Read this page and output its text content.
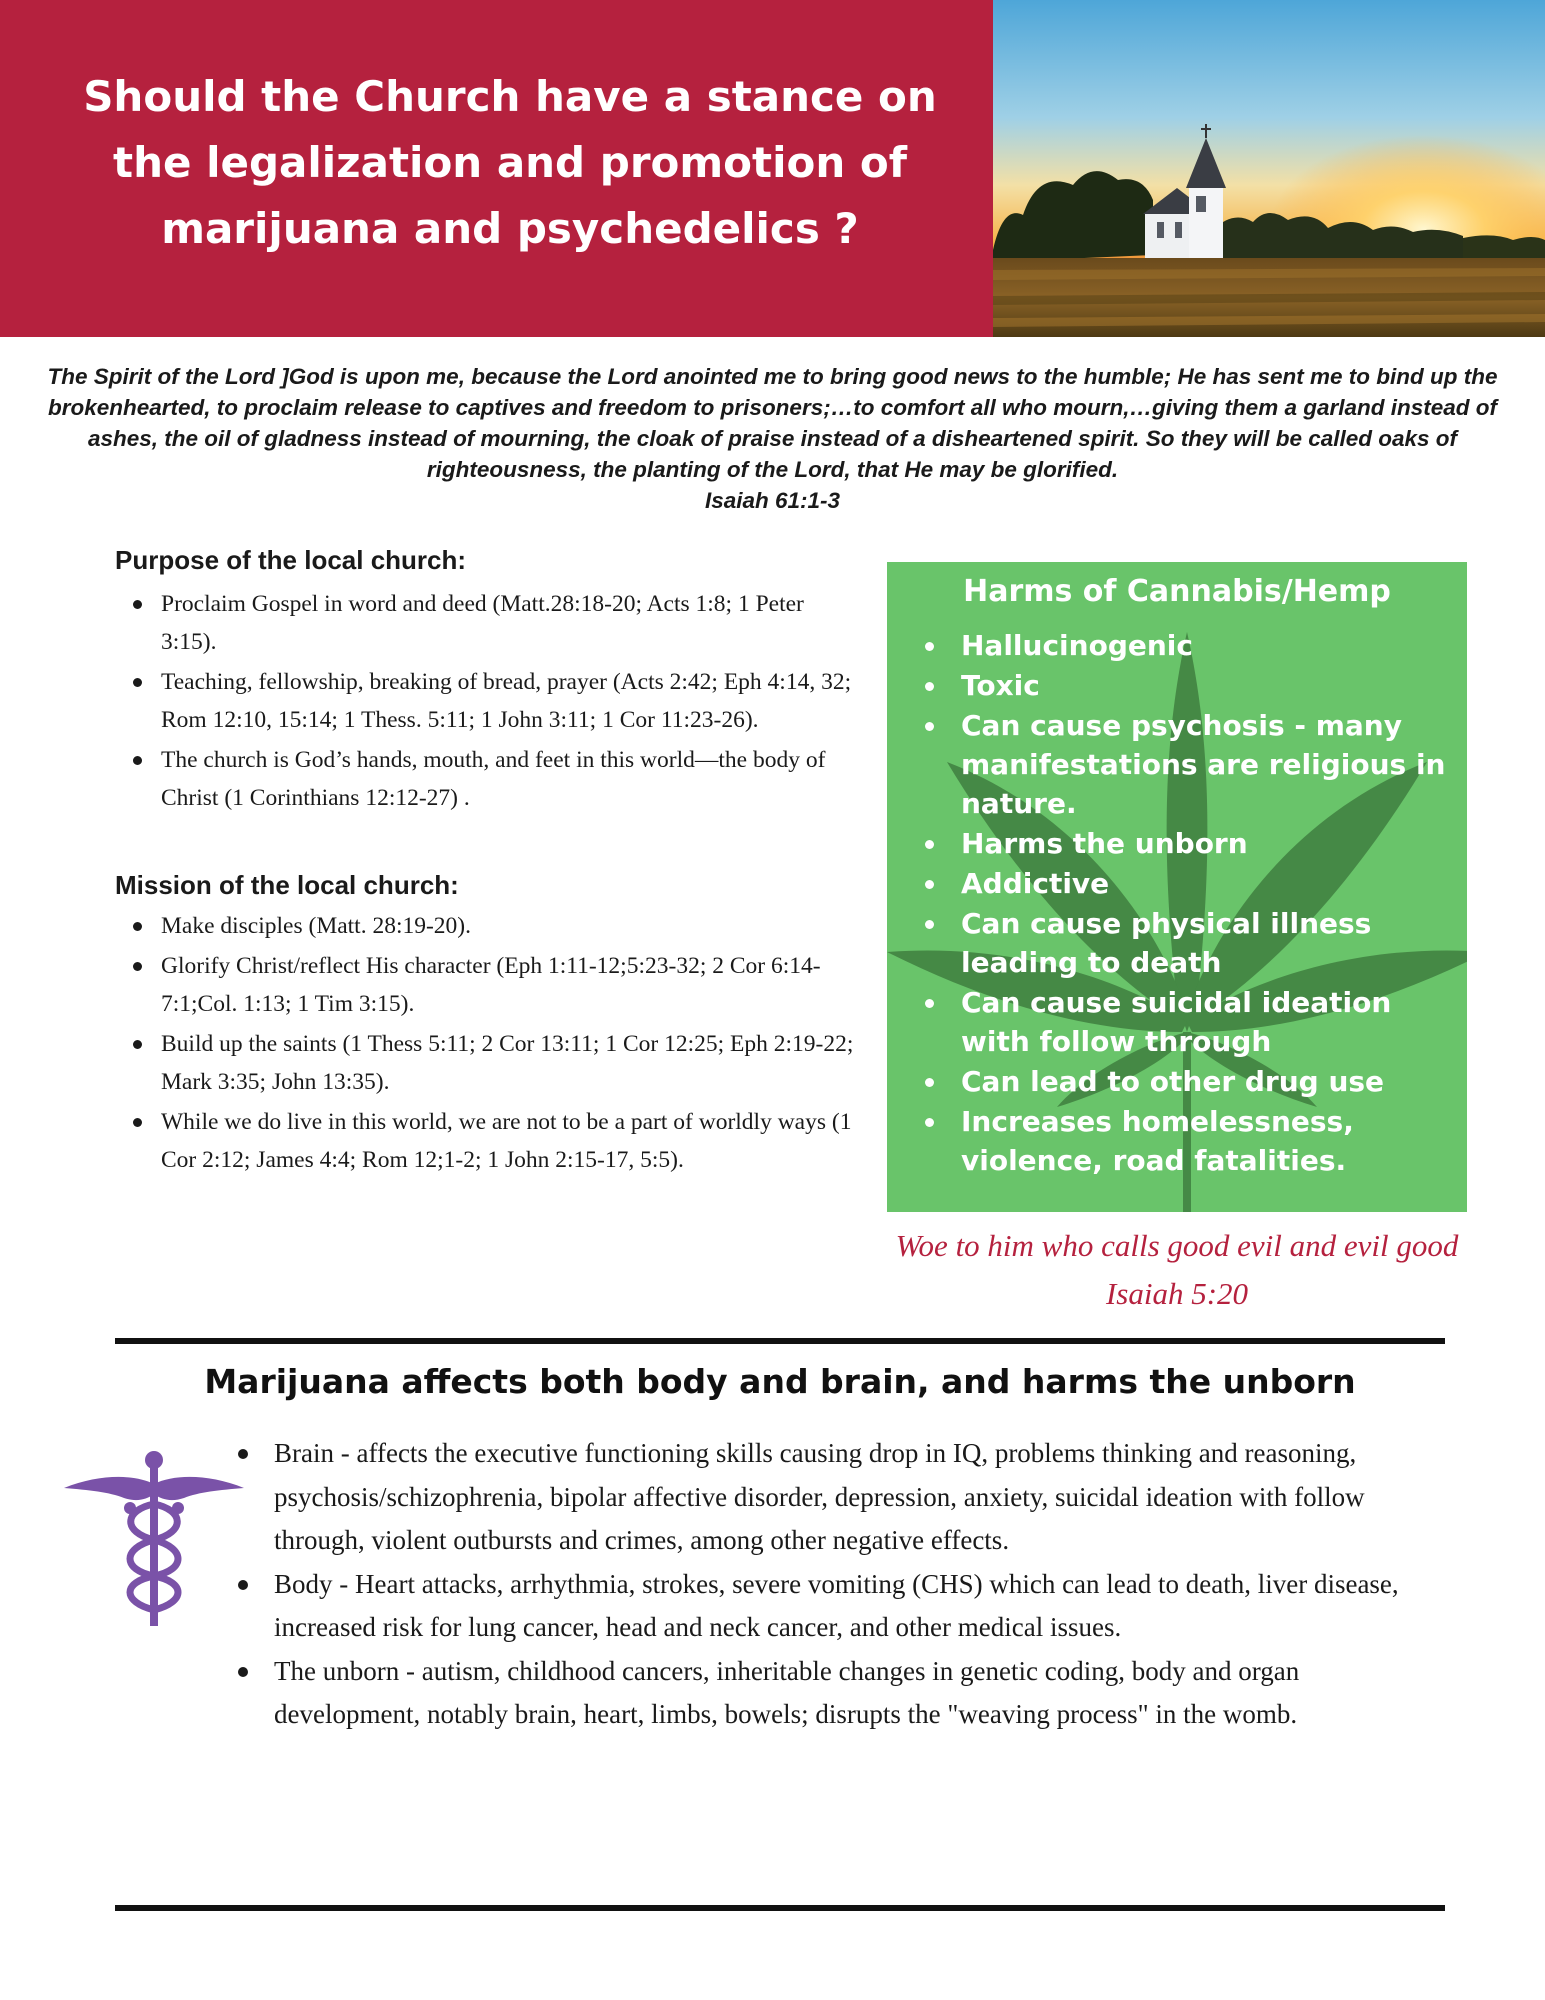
Should the Church have a stance on the legalization and promotion of marijuana and psychedelics ?

The Spirit of the Lord ]God is upon me, because the Lord anointed me to bring good news to the humble; He has sent me to bind up the brokenhearted, to proclaim release to captives and freedom to prisoners;…to comfort all who mourn,…giving them a garland instead of ashes, the oil of gladness instead of mourning, the cloak of praise instead of a disheartened spirit. So they will be called oaks of righteousness, the planting of the Lord, that He may be glorified.
Isaiah 61:1-3

Purpose of the local church:
Proclaim Gospel in word and deed (Matt.28:18-20; Acts 1:8; 1 Peter 3:15).
Teaching, fellowship, breaking of bread, prayer (Acts 2:42; Eph 4:14, 32; Rom 12:10, 15:14; 1 Thess. 5:11; 1 John 3:11; 1 Cor 11:23-26).
The church is God’s hands, mouth, and feet in this world—the body of Christ (1 Corinthians 12:12-27) .
Mission of the local church:
Make disciples (Matt. 28:19-20).
Glorify Christ/reflect His character (Eph 1:11-12;5:23-32; 2 Cor 6:14-7:1;Col. 1:13; 1 Tim 3:15).
Build up the saints (1 Thess 5:11; 2 Cor 13:11; 1 Cor 12:25; Eph 2:19-22; Mark 3:35; John 13:35).
While we do live in this world, we are not to be a part of worldly ways (1 Cor 2:12; James 4:4; Rom 12;1-2; 1 John 2:15-17, 5:5).
Harms of Cannabis/Hemp
Hallucinogenic
Toxic
Can cause psychosis - many manifestations are religious in nature.
Harms the unborn
Addictive
Can cause physical illness leading to death
Can cause suicidal ideation with follow through
Can lead to other drug use
Increases homelessness, violence, road fatalities.

Woe to him who calls good evil and evil good
Isaiah 5:20

Marijuana affects both body and brain, and harms the unborn
Brain - affects the executive functioning skills causing drop in IQ, problems thinking and reasoning, psychosis/schizophrenia, bipolar affective disorder, depression, anxiety, suicidal ideation with follow through, violent outbursts and crimes, among other negative effects.
Body - Heart attacks, arrhythmia, strokes, severe vomiting (CHS) which can lead to death, liver disease, increased risk for lung cancer, head and neck cancer, and other medical issues.
The unborn - autism, childhood cancers, inheritable changes in genetic coding, body and organ development, notably brain, heart, limbs, bowels; disrupts the "weaving process" in the womb.
